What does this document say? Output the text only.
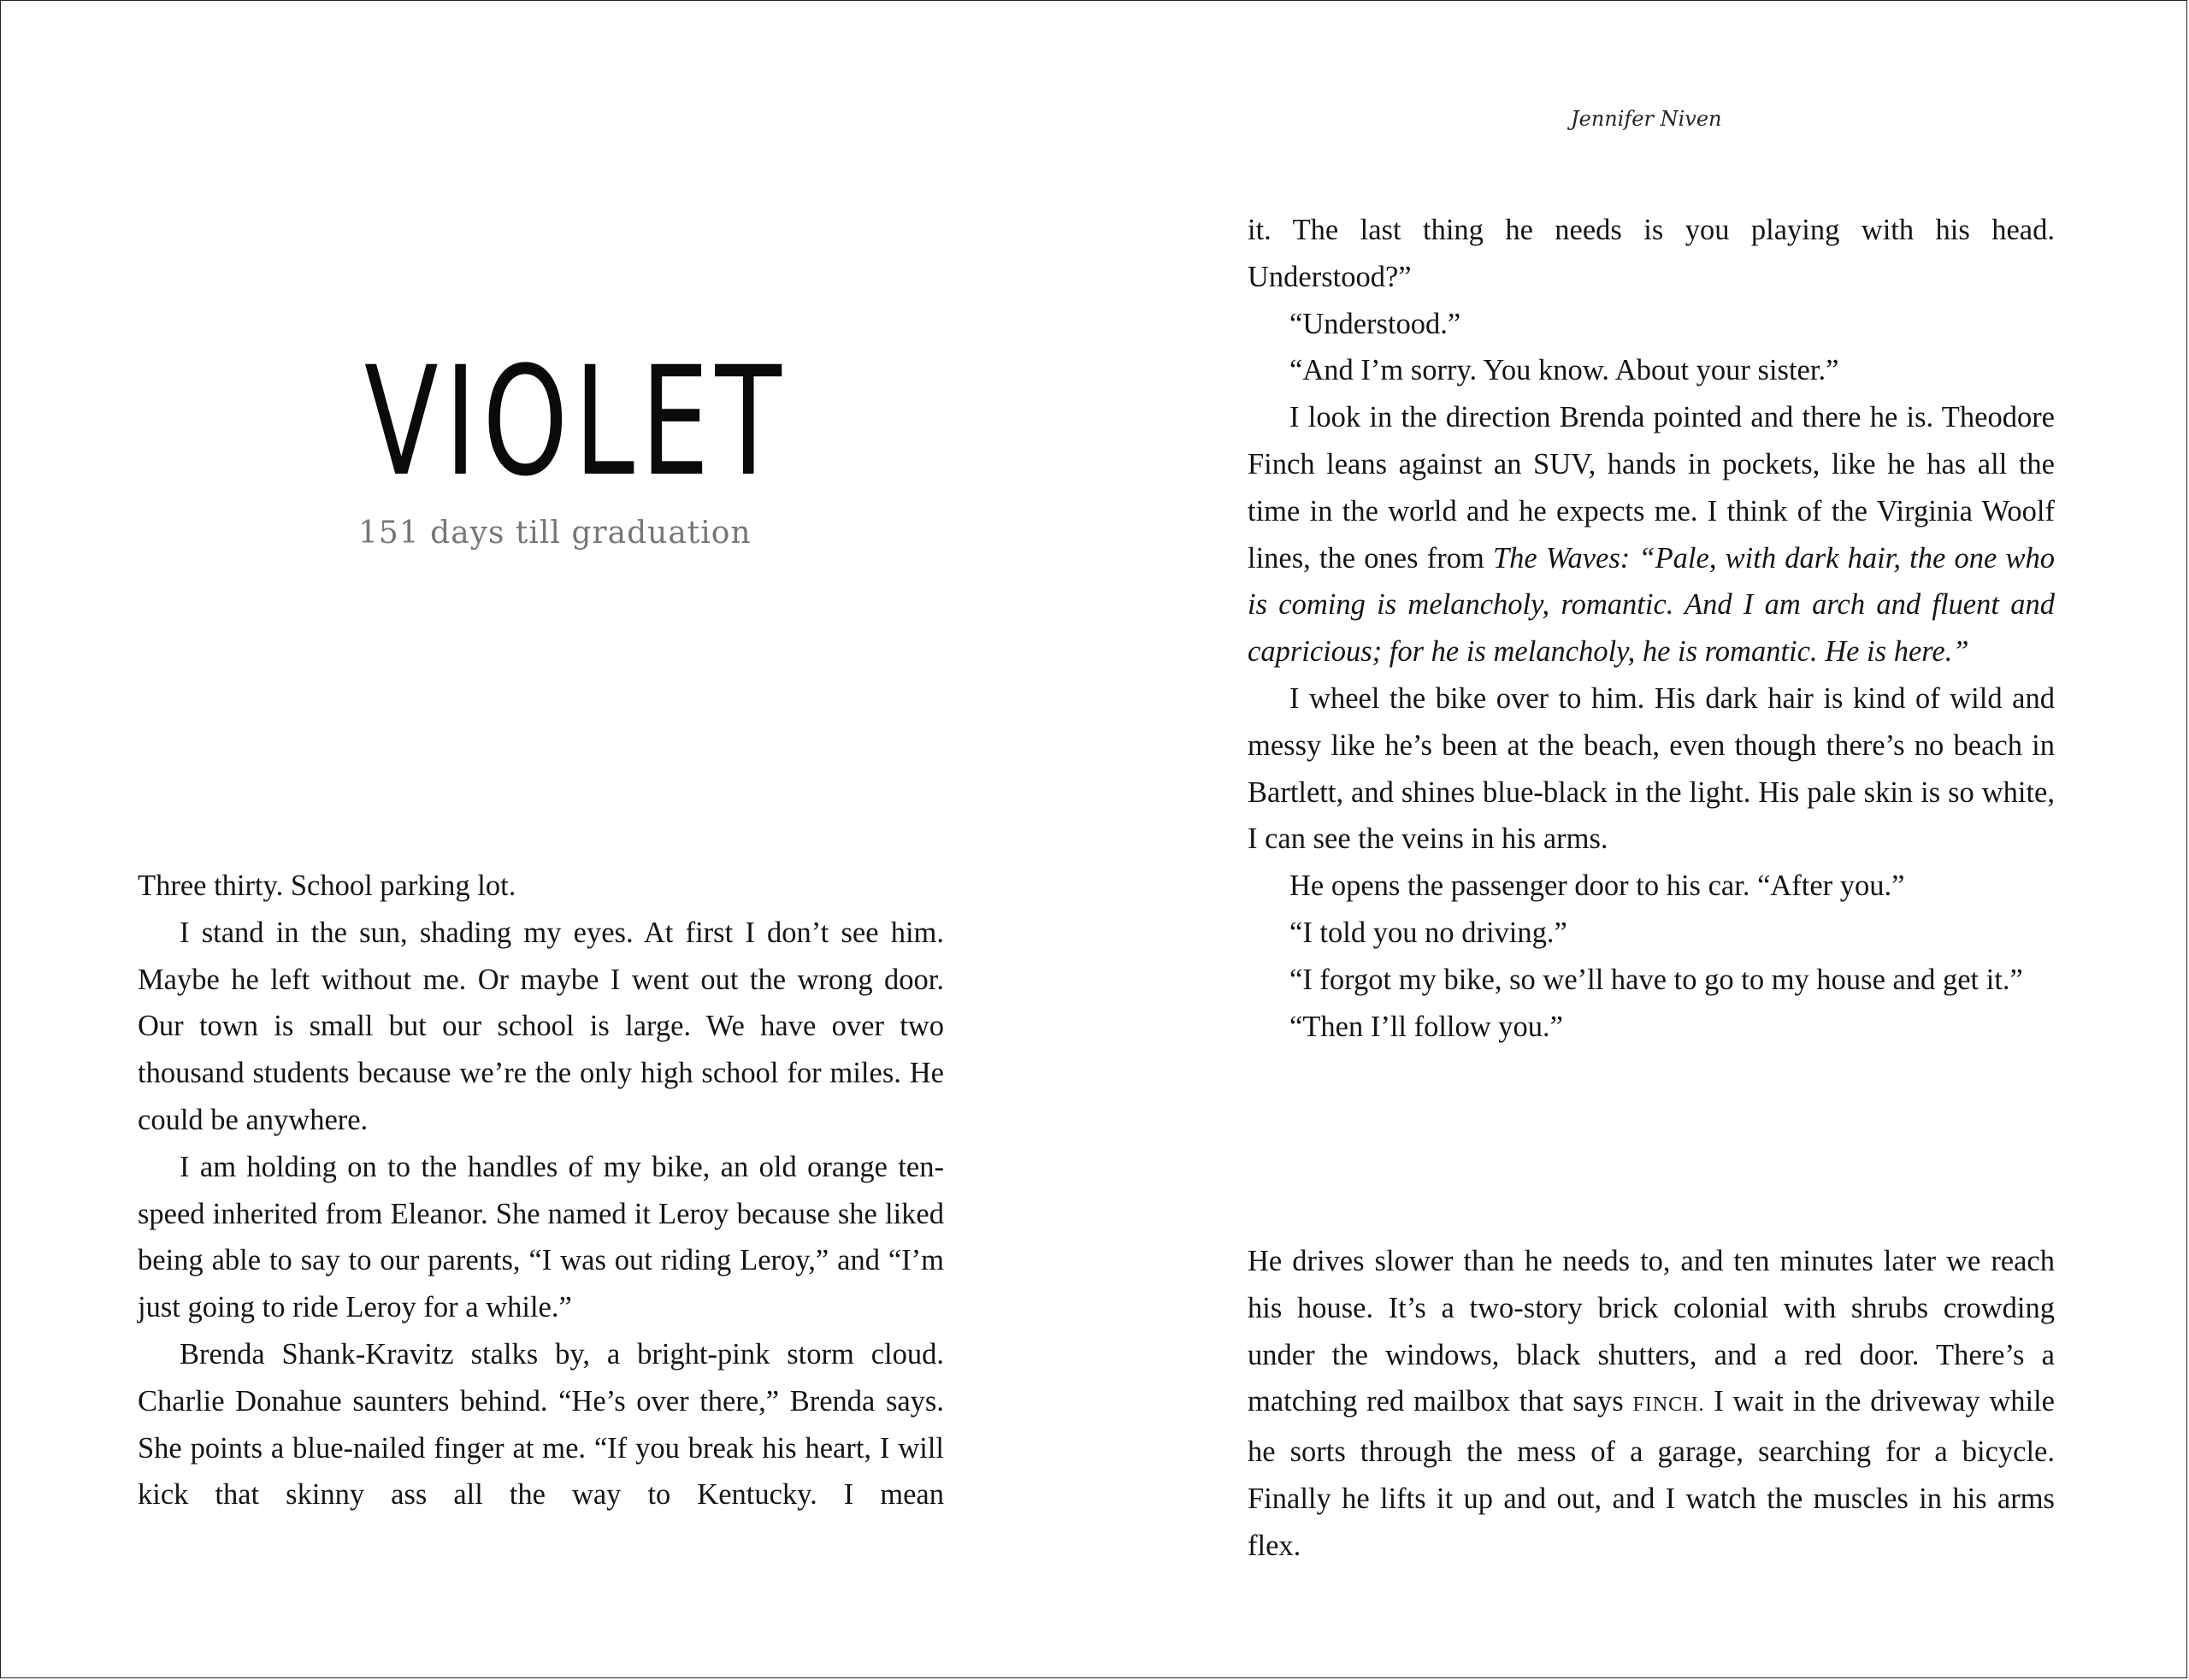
VIOLET
151 days till graduation

Three thirty. School parking lot.

I stand in the sun, shading my eyes. At first I don’t see him. Maybe he left without me. Or maybe I went out the wrong door. Our town is small but our school is large. We have over two thousand students because we’re the only high school for miles. He could be anywhere.

I am holding on to the handles of my bike, an old orange ten-speed inherited from Eleanor. She named it Leroy because she liked being able to say to our parents, “I was out riding Leroy,” and “I’m just going to ride Leroy for a while.”

Brenda Shank-Kravitz stalks by, a bright-pink storm cloud. Charlie Donahue saunters behind. “He’s over there,” Brenda says. She points a blue-nailed finger at me. “If you break his heart, I will kick that skinny ass all the way to Kentucky. I mean

Jennifer Niven

it. The last thing he needs is you playing with his head. Understood?”

“Understood.”

“And I’m sorry. You know. About your sister.”

I look in the direction Brenda pointed and there he is. Theodore Finch leans against an SUV, hands in pockets, like he has all the time in the world and he expects me. I think of the Virginia Woolf lines, the ones from The Waves: “Pale, with dark hair, the one who is coming is melancholy, romantic. And I am arch and fluent and capricious; for he is melancholy, he is romantic. He is here.”

I wheel the bike over to him. His dark hair is kind of wild and messy like he’s been at the beach, even though there’s no beach in Bartlett, and shines blue-black in the light. His pale skin is so white, I can see the veins in his arms.

He opens the passenger door to his car. “After you.”

“I told you no driving.”

“I forgot my bike, so we’ll have to go to my house and get it.”

“Then I’ll follow you.”

He drives slower than he needs to, and ten minutes later we reach his house. It’s a two-story brick colonial with shrubs crowding under the windows, black shutters, and a red door. There’s a matching red mailbox that says FINCH. I wait in the driveway while he sorts through the mess of a garage, searching for a bicycle. Finally he lifts it up and out, and I watch the muscles in his arms flex.
